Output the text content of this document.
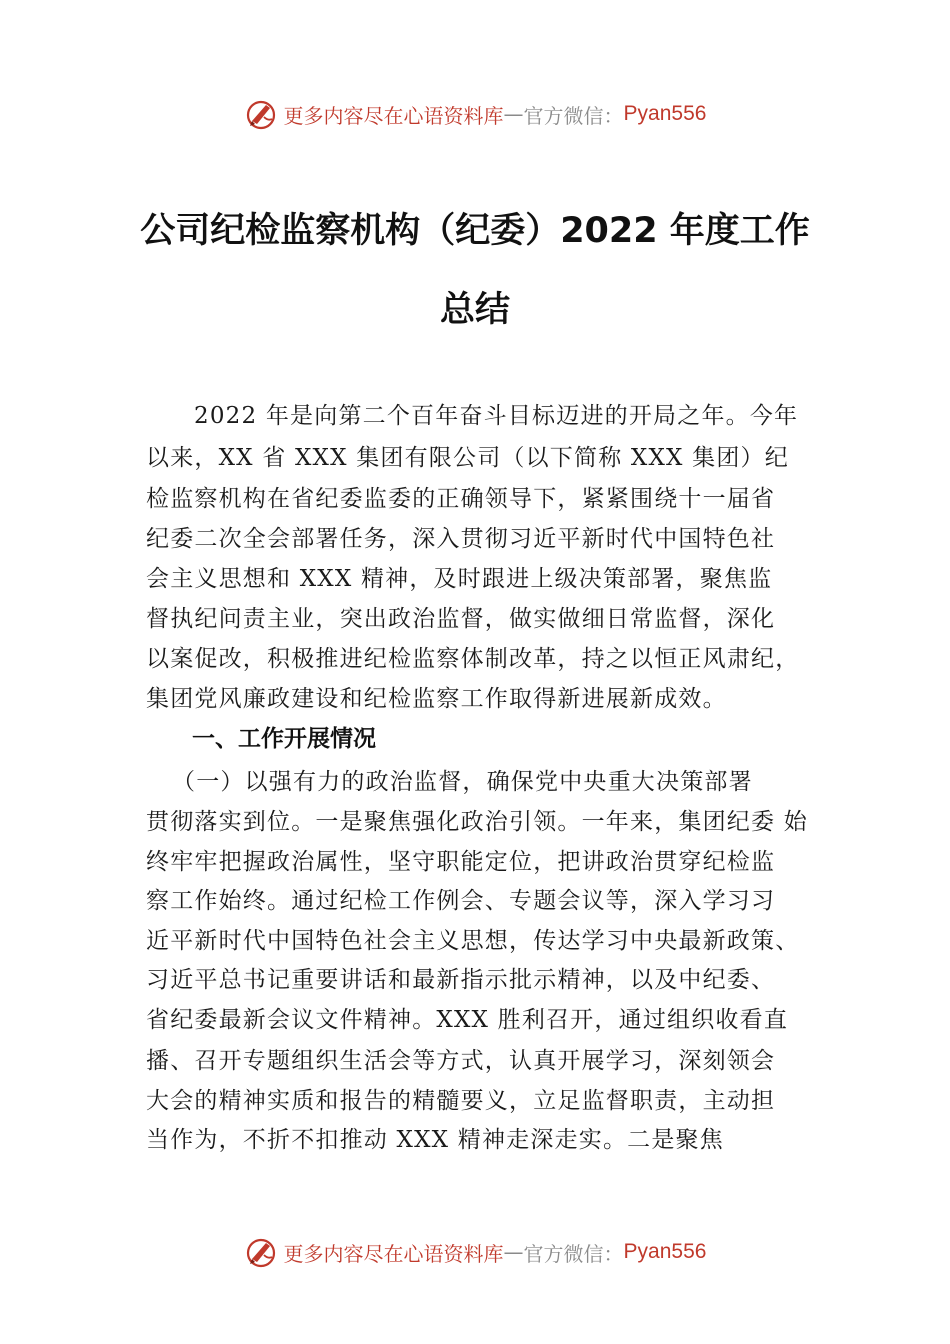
更多内容尽在心语资料库 — 官方微信： Pyan556
公司纪检监察机构（纪委）2022 年度工作
总结
2022 年是向第二个百年奋斗目标迈进的开局之年。今年
以来，XX 省 XXX 集团有限公司（以下简称 XXX 集团）纪
检监察机构在省纪委监委的正确领导下，紧紧围绕十一届省
纪委二次全会部署任务，深入贯彻习近平新时代中国特色社
会主义思想和 XXX 精神，及时跟进上级决策部署，聚焦监
督执纪问责主业，突出政治监督，做实做细日常监督，深化
以案促改，积极推进纪检监察体制改革，持之以恒正风肃纪，
集团党风廉政建设和纪检监察工作取得新进展新成效。
一、工作开展情况
（一）以强有力的政治监督，确保党中央重大决策部署
贯彻落实到位。一是聚焦强化政治引领。一年来，集团纪委 始
终牢牢把握政治属性，坚守职能定位，把讲政治贯穿纪检监
察工作始终。通过纪检工作例会、专题会议等，深入学习习
近平新时代中国特色社会主义思想，传达学习中央最新政策、
习近平总书记重要讲话和最新指示批示精神，以及中纪委、
省纪委最新会议文件精神。XXX 胜利召开，通过组织收看直
播、召开专题组织生活会等方式，认真开展学习，深刻领会
大会的精神实质和报告的精髓要义，立足监督职责，主动担
当作为，不折不扣推动 XXX 精神走深走实。二是聚焦
更多内容尽在心语资料库 — 官方微信： Pyan556
